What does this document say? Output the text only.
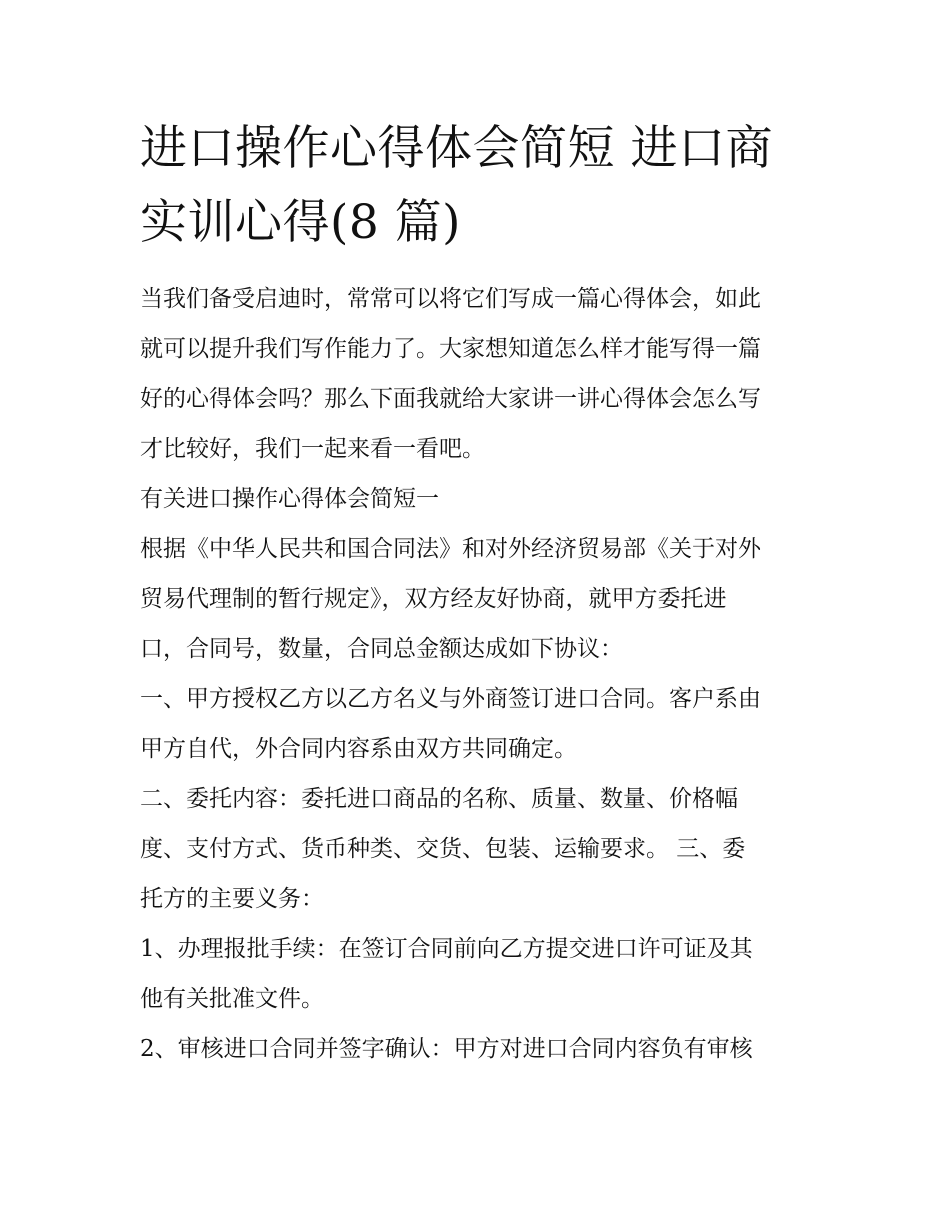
进口操作心得体会简短 进口商
实训心得(8 篇)

当我们备受启迪时，常常可以将它们写成一篇心得体会，如此
就可以提升我们写作能力了。大家想知道怎么样才能写得一篇
好的心得体会吗？那么下面我就给大家讲一讲心得体会怎么写
才比较好，我们一起来看一看吧。

有关进口操作心得体会简短一

根据《中华人民共和国合同法》和对外经济贸易部《关于对外
贸易代理制的暂行规定》，双方经友好协商，就甲方委托进
口，合同号，数量，合同总金额达成如下协议：

一、甲方授权乙方以乙方名义与外商签订进口合同。客户系由
甲方自代，外合同内容系由双方共同确定。

二、委托内容：委托进口商品的名称、质量、数量、价格幅
度、支付方式、货币种类、交货、包装、运输要求。 三、委
托方的主要义务：

1、办理报批手续：在签订合同前向乙方提交进口许可证及其
他有关批准文件。

2、审核进口合同并签字确认：甲方对进口合同内容负有审核
